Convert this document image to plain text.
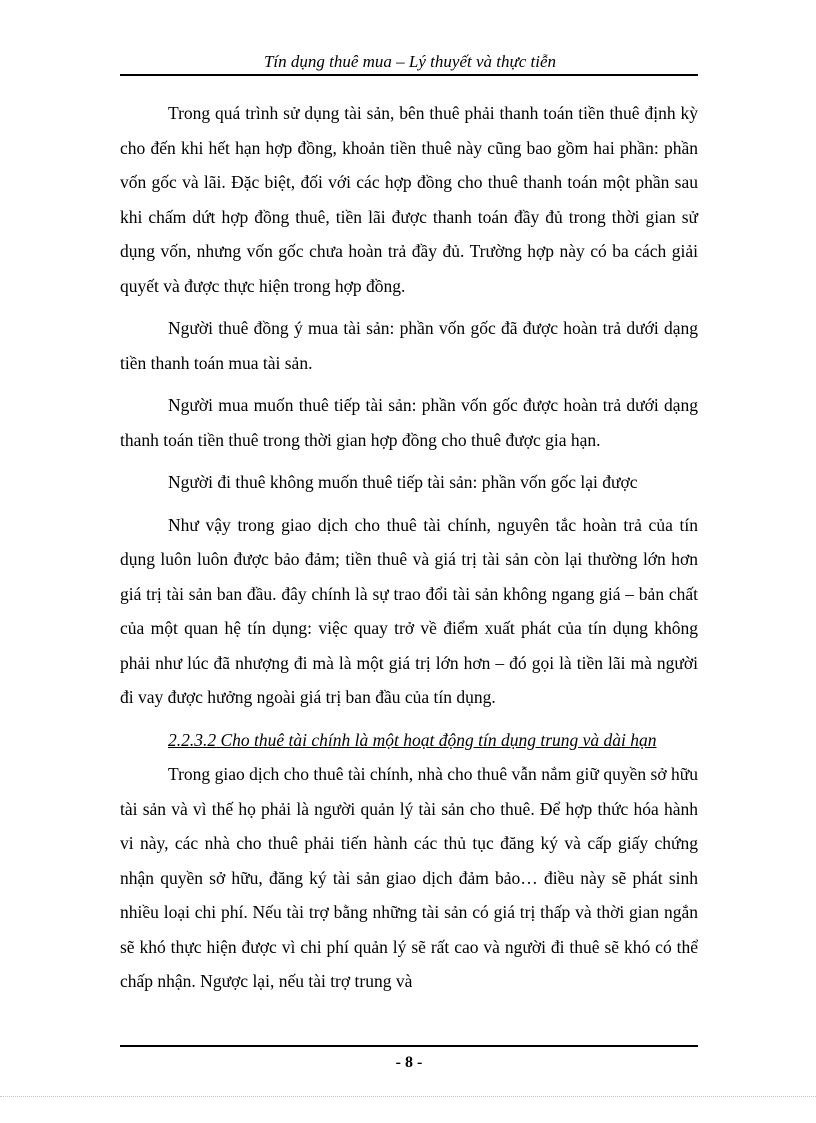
Tín dụng thuê mua – Lý thuyết và thực tiễn

Trong quá trình sử dụng tài sản, bên thuê phải thanh toán tiền thuê định kỳ cho đến khi hết hạn hợp đồng, khoản tiền thuê này cũng bao gồm hai phần: phần vốn gốc và lãi. Đặc biệt, đối với các hợp đồng cho thuê thanh toán một phần sau khi chấm dứt hợp đồng thuê, tiền lãi được thanh toán đầy đủ trong thời gian sử dụng vốn, nhưng vốn gốc chưa hoàn trả đầy đủ. Trường hợp này có ba cách giải quyết và được thực hiện trong hợp đồng.

Người thuê đồng ý mua tài sản: phần vốn gốc đã được hoàn trả dưới dạng tiền thanh toán mua tài sản.

Người mua muốn thuê tiếp tài sản: phần vốn gốc được hoàn trả dưới dạng thanh toán tiền thuê trong thời gian hợp đồng cho thuê được gia hạn.

Người đi thuê không muốn thuê tiếp tài sản: phần vốn gốc lại được

Như vậy trong giao dịch cho thuê tài chính, nguyên tắc hoàn trả của tín dụng luôn luôn được bảo đảm; tiền thuê và giá trị tài sản còn lại thường lớn hơn giá trị tài sản ban đầu. đây chính là sự trao đổi tài sản không ngang giá – bản chất của một quan hệ tín dụng: việc quay trở về điểm xuất phát của tín dụng không phải như lúc đã nhượng đi mà là một giá trị lớn hơn – đó gọi là tiền lãi mà người đi vay được hưởng ngoài giá trị ban đầu của tín dụng.

2.2.3.2 Cho thuê tài chính là một hoạt động tín dụng trung và dài hạn

Trong giao dịch cho thuê tài chính, nhà cho thuê vẫn nắm giữ quyền sở hữu tài sản và vì thế họ phải là người quản lý tài sản cho thuê. Để hợp thức hóa hành vi này, các nhà cho thuê phải tiến hành các thủ tục đăng ký và cấp giấy chứng nhận quyền sở hữu, đăng ký tài sản giao dịch đảm bảo… điều này sẽ phát sinh nhiều loại chi phí. Nếu tài trợ bằng những tài sản có giá trị thấp và thời gian ngắn sẽ khó thực hiện được vì chi phí quản lý sẽ rất cao và người đi thuê sẽ khó có thể chấp nhận. Ngược lại, nếu tài trợ trung và

- 8 -
